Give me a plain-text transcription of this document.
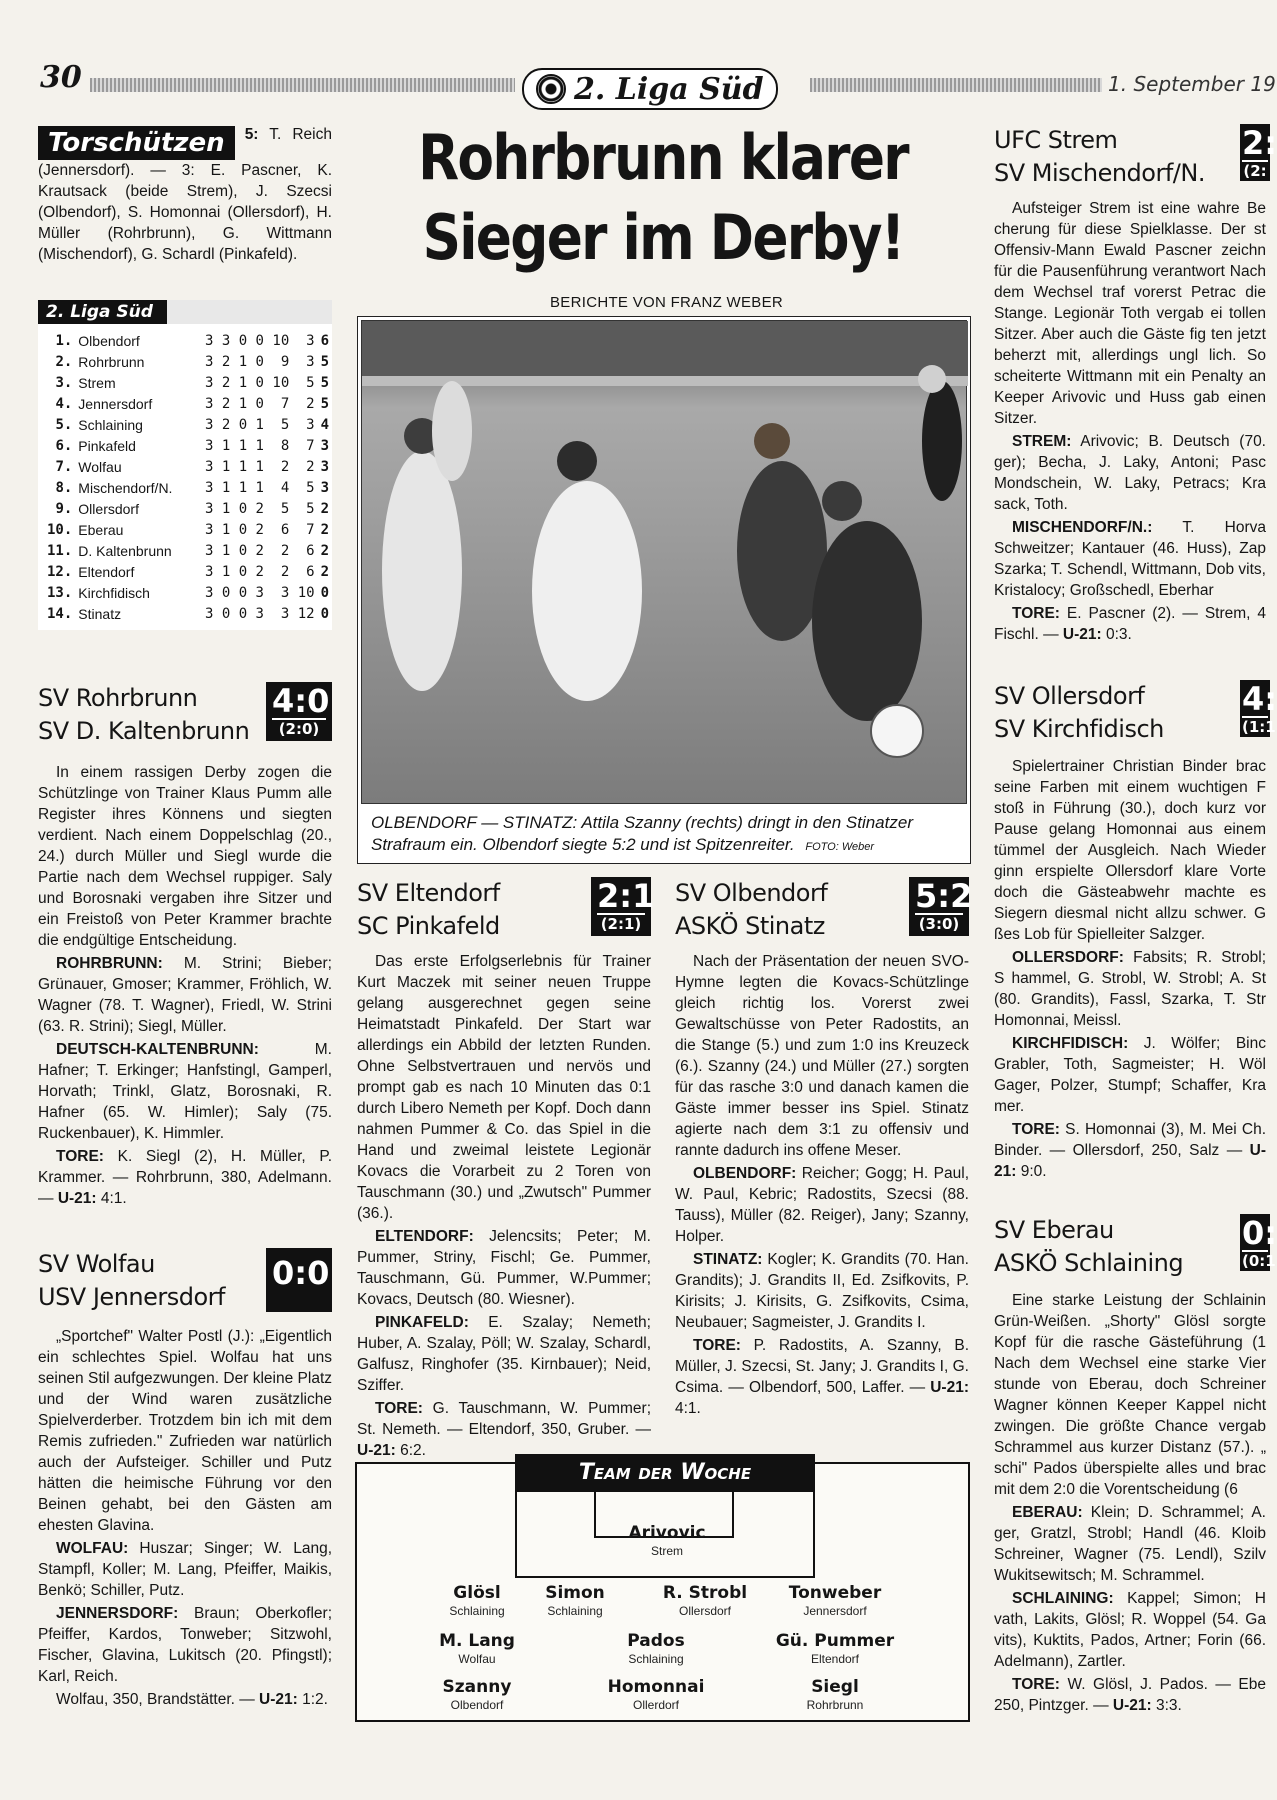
30	2. Liga Süd	1. September 19
Torschützen	5: T. Reich (Jennersdorf). — 3: E. Pascner, K. Krautsack (beide Strem), J. Szecsi (Olbendorf), S. Homonnai (Ollersdorf), H. Müller (Rohrbrunn), G. Wittmann (Mischendorf), G. Schardl (Pinkafeld).
2. Liga Süd
1.	Olbendorf	3 3 0 0 10  3	6
2.	Rohrbrunn	3 2 1 0  9  3	5
3.	Strem	3 2 1 0 10  5	5
4.	Jennersdorf	3 2 1 0  7  2	5
5.	Schlaining	3 2 0 1  5  3	4
6.	Pinkafeld	3 1 1 1  8  7	3
7.	Wolfau	3 1 1 1  2  2	3
8.	Mischendorf/N.	3 1 1 1  4  5	3
9.	Ollersdorf	3 1 0 2  5  5	2
10.	Eberau	3 1 0 2  6  7	2
11.	D. Kaltenbrunn	3 1 0 2  2  6	2
12.	Eltendorf	3 1 0 2  2  6	2
13.	Kirchfidisch	3 0 0 3  3 10	0
14.	Stinatz	3 0 0 3  3 12	0
SV Rohrbrunn
SV D. Kaltenbrunn
4:0
(2:0)
In einem rassigen Derby zogen die Schützlinge von Trainer Klaus Pumm alle Register ihres Könnens und siegten verdient. Nach einem Doppelschlag (20., 24.) durch Müller und Siegl wurde die Partie nach dem Wechsel ruppiger. Saly und Borosnaki vergaben ihre Sitzer und ein Freistoß von Peter Krammer brachte die endgültige Entscheidung.
ROHRBRUNN: M. Strini; Bieber; Grünauer, Gmoser; Krammer, Fröhlich, W. Wagner (78. T. Wagner), Friedl, W. Strini (63. R. Strini); Siegl, Müller.
DEUTSCH-KALTENBRUNN: M. Hafner; T. Erkinger; Hanfstingl, Gamperl, Horvath; Trinkl, Glatz, Borosnaki, R. Hafner (65. W. Himler); Saly (75. Ruckenbauer), K. Himmler.
TORE: K. Siegl (2), H. Müller, P. Krammer. — Rohrbrunn, 380, Adelmann. — U-21: 4:1.
SV Wolfau
USV Jennersdorf
0:0
„Sportchef" Walter Postl (J.): „Eigentlich ein schlechtes Spiel. Wolfau hat uns seinen Stil aufgezwungen. Der kleine Platz und der Wind waren zusätzliche Spielverderber. Trotzdem bin ich mit dem Remis zufrieden." Zufrieden war natürlich auch der Aufsteiger. Schiller und Putz hätten die heimische Führung vor den Beinen gehabt, bei den Gästen am ehesten Glavina.
WOLFAU: Huszar; Singer; W. Lang, Stampfl, Koller; M. Lang, Pfeiffer, Maikis, Benkö; Schiller, Putz.
JENNERSDORF: Braun; Oberkofler; Pfeiffer, Kardos, Tonweber; Sitzwohl, Fischer, Glavina, Lukitsch (20. Pfingstl); Karl, Reich.
Wolfau, 350, Brandstätter. — U-21: 1:2.
Rohrbrunn klarer
Sieger im Derby!
BERICHTE VON FRANZ WEBER
OLBENDORF — STINATZ: Attila Szanny (rechts) dringt in den Stinatzer Strafraum ein. Olbendorf siegte 5:2 und ist Spitzenreiter. FOTO: Weber
SV Eltendorf
SC Pinkafeld
2:1
(2:1)
Das erste Erfolgserlebnis für Trainer Kurt Maczek mit seiner neuen Truppe gelang ausgerechnet gegen seine Heimatstadt Pinkafeld. Der Start war allerdings ein Abbild der letzten Runden. Ohne Selbstvertrauen und nervös und prompt gab es nach 10 Minuten das 0:1 durch Libero Nemeth per Kopf. Doch dann nahmen Pummer & Co. das Spiel in die Hand und zweimal leistete Legionär Kovacs die Vorarbeit zu 2 Toren von Tauschmann (30.) und „Zwutsch" Pummer (36.).
ELTENDORF: Jelencsits; Peter; M. Pummer, Striny, Fischl; Ge. Pummer, Tauschmann, Gü. Pummer, W.Pummer; Kovacs, Deutsch (80. Wiesner).
PINKAFELD: E. Szalay; Nemeth; Huber, A. Szalay, Pöll; W. Szalay, Schardl, Galfusz, Ringhofer (35. Kirnbauer); Neid, Sziffer.
TORE: G. Tauschmann, W. Pummer; St. Nemeth. — Eltendorf, 350, Gruber. — U-21: 6:2.
SV Olbendorf
ASKÖ Stinatz
5:2
(3:0)
Nach der Präsentation der neuen SVO-Hymne legten die Kovacs-Schützlinge gleich richtig los. Vorerst zwei Gewaltschüsse von Peter Radostits, an die Stange (5.) und zum 1:0 ins Kreuzeck (6.). Szanny (24.) und Müller (27.) sorgten für das rasche 3:0 und danach kamen die Gäste immer besser ins Spiel. Stinatz agierte nach dem 3:1 zu offensiv und rannte dadurch ins offene Meser.
OLBENDORF: Reicher; Gogg; H. Paul, W. Paul, Kebric; Radostits, Szecsi (88. Tauss), Müller (82. Reiger), Jany; Szanny, Holper.
STINATZ: Kogler; K. Grandits (70. Han. Grandits); J. Grandits II, Ed. Zsifkovits, P. Kirisits; J. Kirisits, G. Zsifkovits, Csima, Neubauer; Sagmeister, J. Grandits I.
TORE: P. Radostits, A. Szanny, B. Müller, J. Szecsi, St. Jany; J. Grandits I, G. Csima. — Olbendorf, 500, Laffer. — U-21: 4:1.
Team der Woche
Arivovic
Strem
Glösl
Schlaining
Simon
Schlaining
R. Strobl
Ollersdorf
Tonweber
Jennersdorf
M. Lang
Wolfau
Pados
Schlaining
Gü. Pummer
Eltendorf
Szanny
Olbendorf
Homonnai
Ollerdorf
Siegl
Rohrbrunn
UFC Strem
SV Mischendorf/N.
2:
(2:
Aufsteiger Strem ist eine wahre Be cherung für diese Spielklasse. Der st Offensiv-Mann Ewald Pascner zeichn für die Pausenführung verantwort Nach dem Wechsel traf vorerst Petrac die Stange. Legionär Toth vergab ei tollen Sitzer. Aber auch die Gäste fig ten jetzt beherzt mit, allerdings ungl lich. So scheiterte Wittmann mit ein Penalty an Keeper Arivovic und Huss gab einen Sitzer.
STREM: Arivovic; B. Deutsch (70. ger); Becha, J. Laky, Antoni; Pasc Mondschein, W. Laky, Petracs; Kra sack, Toth.
MISCHENDORF/N.: T. Horva Schweitzer; Kantauer (46. Huss), Zap Szarka; T. Schendl, Wittmann, Dob vits, Kristalocy; Großschedl, Eberhar
TORE: E. Pascner (2). — Strem, 4 Fischl. — U-21: 0:3.
SV Ollersdorf
SV Kirchfidisch
4:
(1:1
Spielertrainer Christian Binder brac seine Farben mit einem wuchtigen F stoß in Führung (30.), doch kurz vor Pause gelang Homonnai aus einem tümmel der Ausgleich. Nach Wieder ginn erspielte Ollersdorf klare Vorte doch die Gästeabwehr machte es Siegern diesmal nicht allzu schwer. G ßes Lob für Spielleiter Salzger.
OLLERSDORF: Fabsits; R. Strobl; S hammel, G. Strobl, W. Strobl; A. St (80. Grandits), Fassl, Szarka, T. Str Homonnai, Meissl.
KIRCHFIDISCH: J. Wölfer; Binc Grabler, Toth, Sagmeister; H. Wöl Gager, Polzer, Stumpf; Schaffer, Kra mer.
TORE: S. Homonnai (3), M. Mei Ch. Binder. — Ollersdorf, 250, Salz — U-21: 9:0.
SV Eberau
ASKÖ Schlaining
0:
(0:1
Eine starke Leistung der Schlainin Grün-Weißen. „Shorty" Glösl sorgte Kopf für die rasche Gästeführung (1 Nach dem Wechsel eine starke Vier stunde von Eberau, doch Schreiner Wagner können Keeper Kappel nicht zwingen. Die größte Chance vergab Schrammel aus kurzer Distanz (57.). „ schi" Pados überspielte alles und brac mit dem 2:0 die Vorentscheidung (6
EBERAU: Klein; D. Schrammel; A. ger, Gratzl, Strobl; Handl (46. Kloib Schreiner, Wagner (75. Lendl), Szilv Wukitsewitsch; M. Schrammel.
SCHLAINING: Kappel; Simon; H vath, Lakits, Glösl; R. Woppel (54. Ga vits), Kuktits, Pados, Artner; Forin (66. Adelmann), Zartler.
TORE: W. Glösl, J. Pados. — Ebe 250, Pintzger. — U-21: 3:3.
